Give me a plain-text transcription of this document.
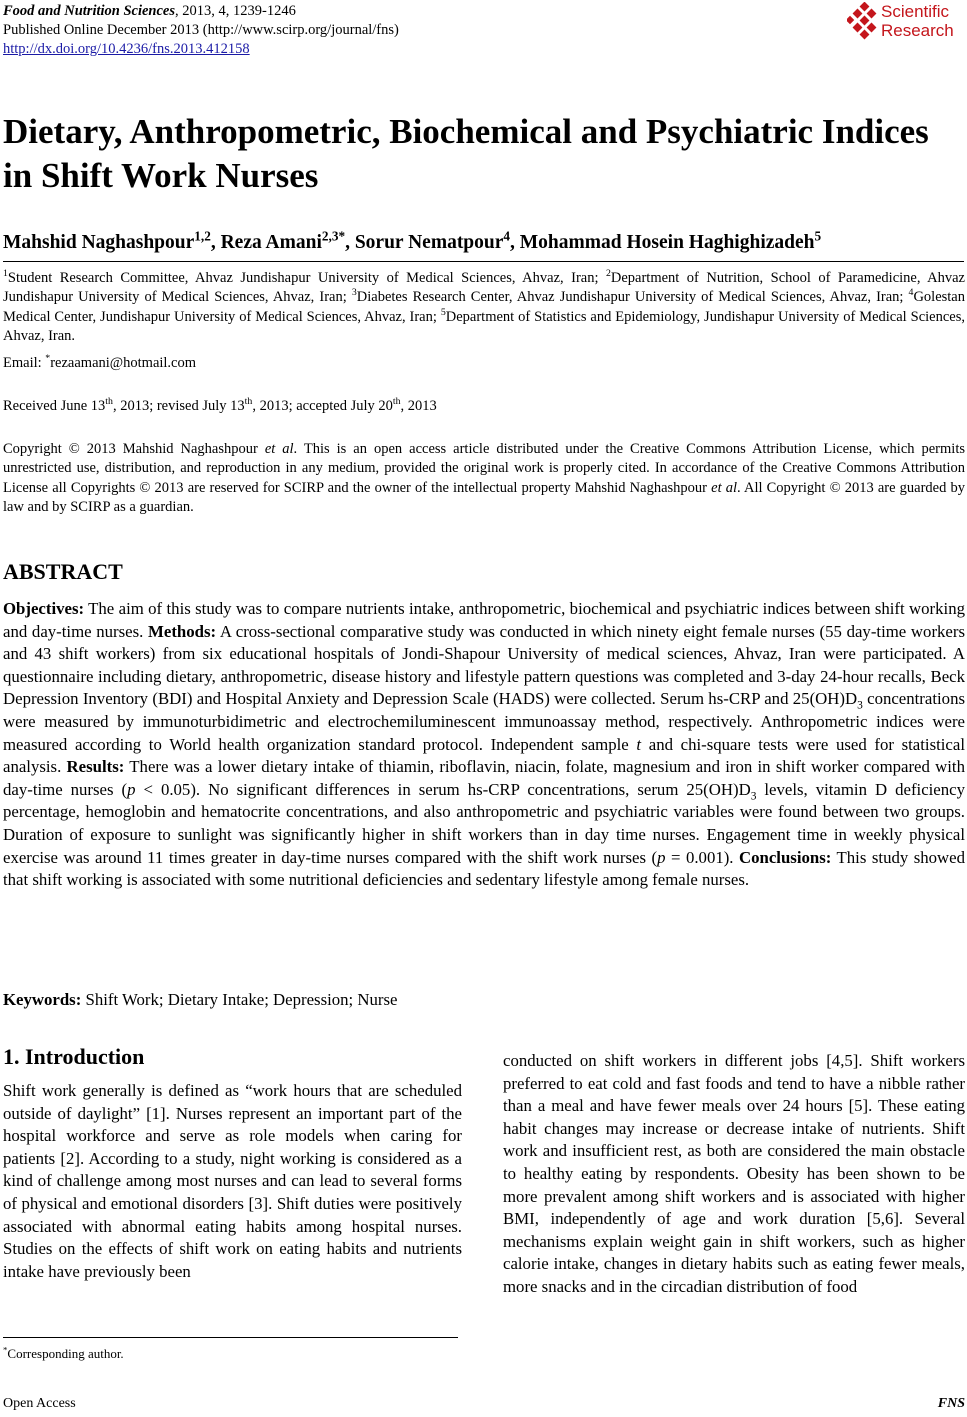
Food and Nutrition Sciences, 2013, 4, 1239-1246
Published Online December 2013 (http://www.scirp.org/journal/fns)
http://dx.doi.org/10.4236/fns.2013.412158
Scientific
Research
Dietary, Anthropometric, Biochemical and Psychiatric Indices in Shift Work Nurses
Mahshid Naghashpour$^{1,2}$, Reza Amani$^{2,3*}$, Sorur Nematpour$^4$, Mohammad Hosein Haghighizadeh$^5$
$^1$Student Research Committee, Ahvaz Jundishapur University of Medical Sciences, Ahvaz, Iran; $^2$Department of Nutrition, School of Paramedicine, Ahvaz Jundishapur University of Medical Sciences, Ahvaz, Iran; $^3$Diabetes Research Center, Ahvaz Jundishapur University of Medical Sciences, Ahvaz, Iran; $^4$Golestan Medical Center, Jundishapur University of Medical Sciences, Ahvaz, Iran; $^5$Department of Statistics and Epidemiology, Jundishapur University of Medical Sciences, Ahvaz, Iran.
Email: *rezaamani@hotmail.com
Received June 13th, 2013; revised July 13th, 2013; accepted July 20th, 2013
Copyright © 2013 Mahshid Naghashpour et al. This is an open access article distributed under the Creative Commons Attribution License, which permits unrestricted use, distribution, and reproduction in any medium, provided the original work is properly cited. In accordance of the Creative Commons Attribution License all Copyrights © 2013 are reserved for SCIRP and the owner of the intellectual property Mahshid Naghashpour et al. All Copyright © 2013 are guarded by law and by SCIRP as a guardian.
ABSTRACT
Objectives: The aim of this study was to compare nutrients intake, anthropometric, biochemical and psychiatric indices between shift working and day-time nurses. Methods: A cross-sectional comparative study was conducted in which ninety eight female nurses (55 day-time workers and 43 shift workers) from six educational hospitals of Jondi-Shapour University of medical sciences, Ahvaz, Iran were participated. A questionnaire including dietary, anthropometric, disease history and lifestyle pattern questions was completed and 3-day 24-hour recalls, Beck Depression Inventory (BDI) and Hospital Anxiety and Depression Scale (HADS) were collected. Serum hs-CRP and $25(OH)D_3$ concentrations were measured by immunoturbidimetric and electrochemiluminescent immunoassay method, respectively. Anthropometric indices were measured according to World health organization standard protocol. Independent sample t and chi-square tests were used for statistical analysis. Results: There was a lower dietary intake of thiamin, riboflavin, niacin, folate, magnesium and iron in shift worker compared with day-time nurses (p < 0.05). No significant differences in serum hs-CRP concentrations, serum $25(OH)D_3$ levels, vitamin D deficiency percentage, hemoglobin and hematocrite concentrations, and also anthropometric and psychiatric variables were found between two groups. Duration of exposure to sunlight was significantly higher in shift workers than in day time nurses. Engagement time in weekly physical exercise was around 11 times greater in day-time nurses compared with the shift work nurses (p = 0.001). Conclusions: This study showed that shift working is associated with some nutritional deficiencies and sedentary lifestyle among female nurses.
Keywords: Shift Work; Dietary Intake; Depression; Nurse
1. Introduction
Shift work generally is defined as “work hours that are scheduled outside of daylight” [1]. Nurses represent an important part of the hospital workforce and serve as role models when caring for patients [2]. According to a study, night working is considered as a kind of challenge among most nurses and can lead to several forms of physical and emotional disorders [3]. Shift duties were positively associated with abnormal eating habits among hospital nurses. Studies on the effects of shift work on eating habits and nutrients intake have previously been
conducted on shift workers in different jobs [4,5]. Shift workers preferred to eat cold and fast foods and tend to have a nibble rather than a meal and have fewer meals over 24 hours [5]. These eating habit changes may increase or decrease intake of nutrients. Shift work and insufficient rest, as both are considered the main obstacle to healthy eating by respondents. Obesity has been shown to be more prevalent among shift workers and is associated with higher BMI, independently of age and work duration [5,6]. Several mechanisms explain weight gain in shift workers, such as higher calorie intake, changes in dietary habits such as eating fewer meals, more snacks and in the circadian distribution of food
*Corresponding author.
Open Access	FNS
